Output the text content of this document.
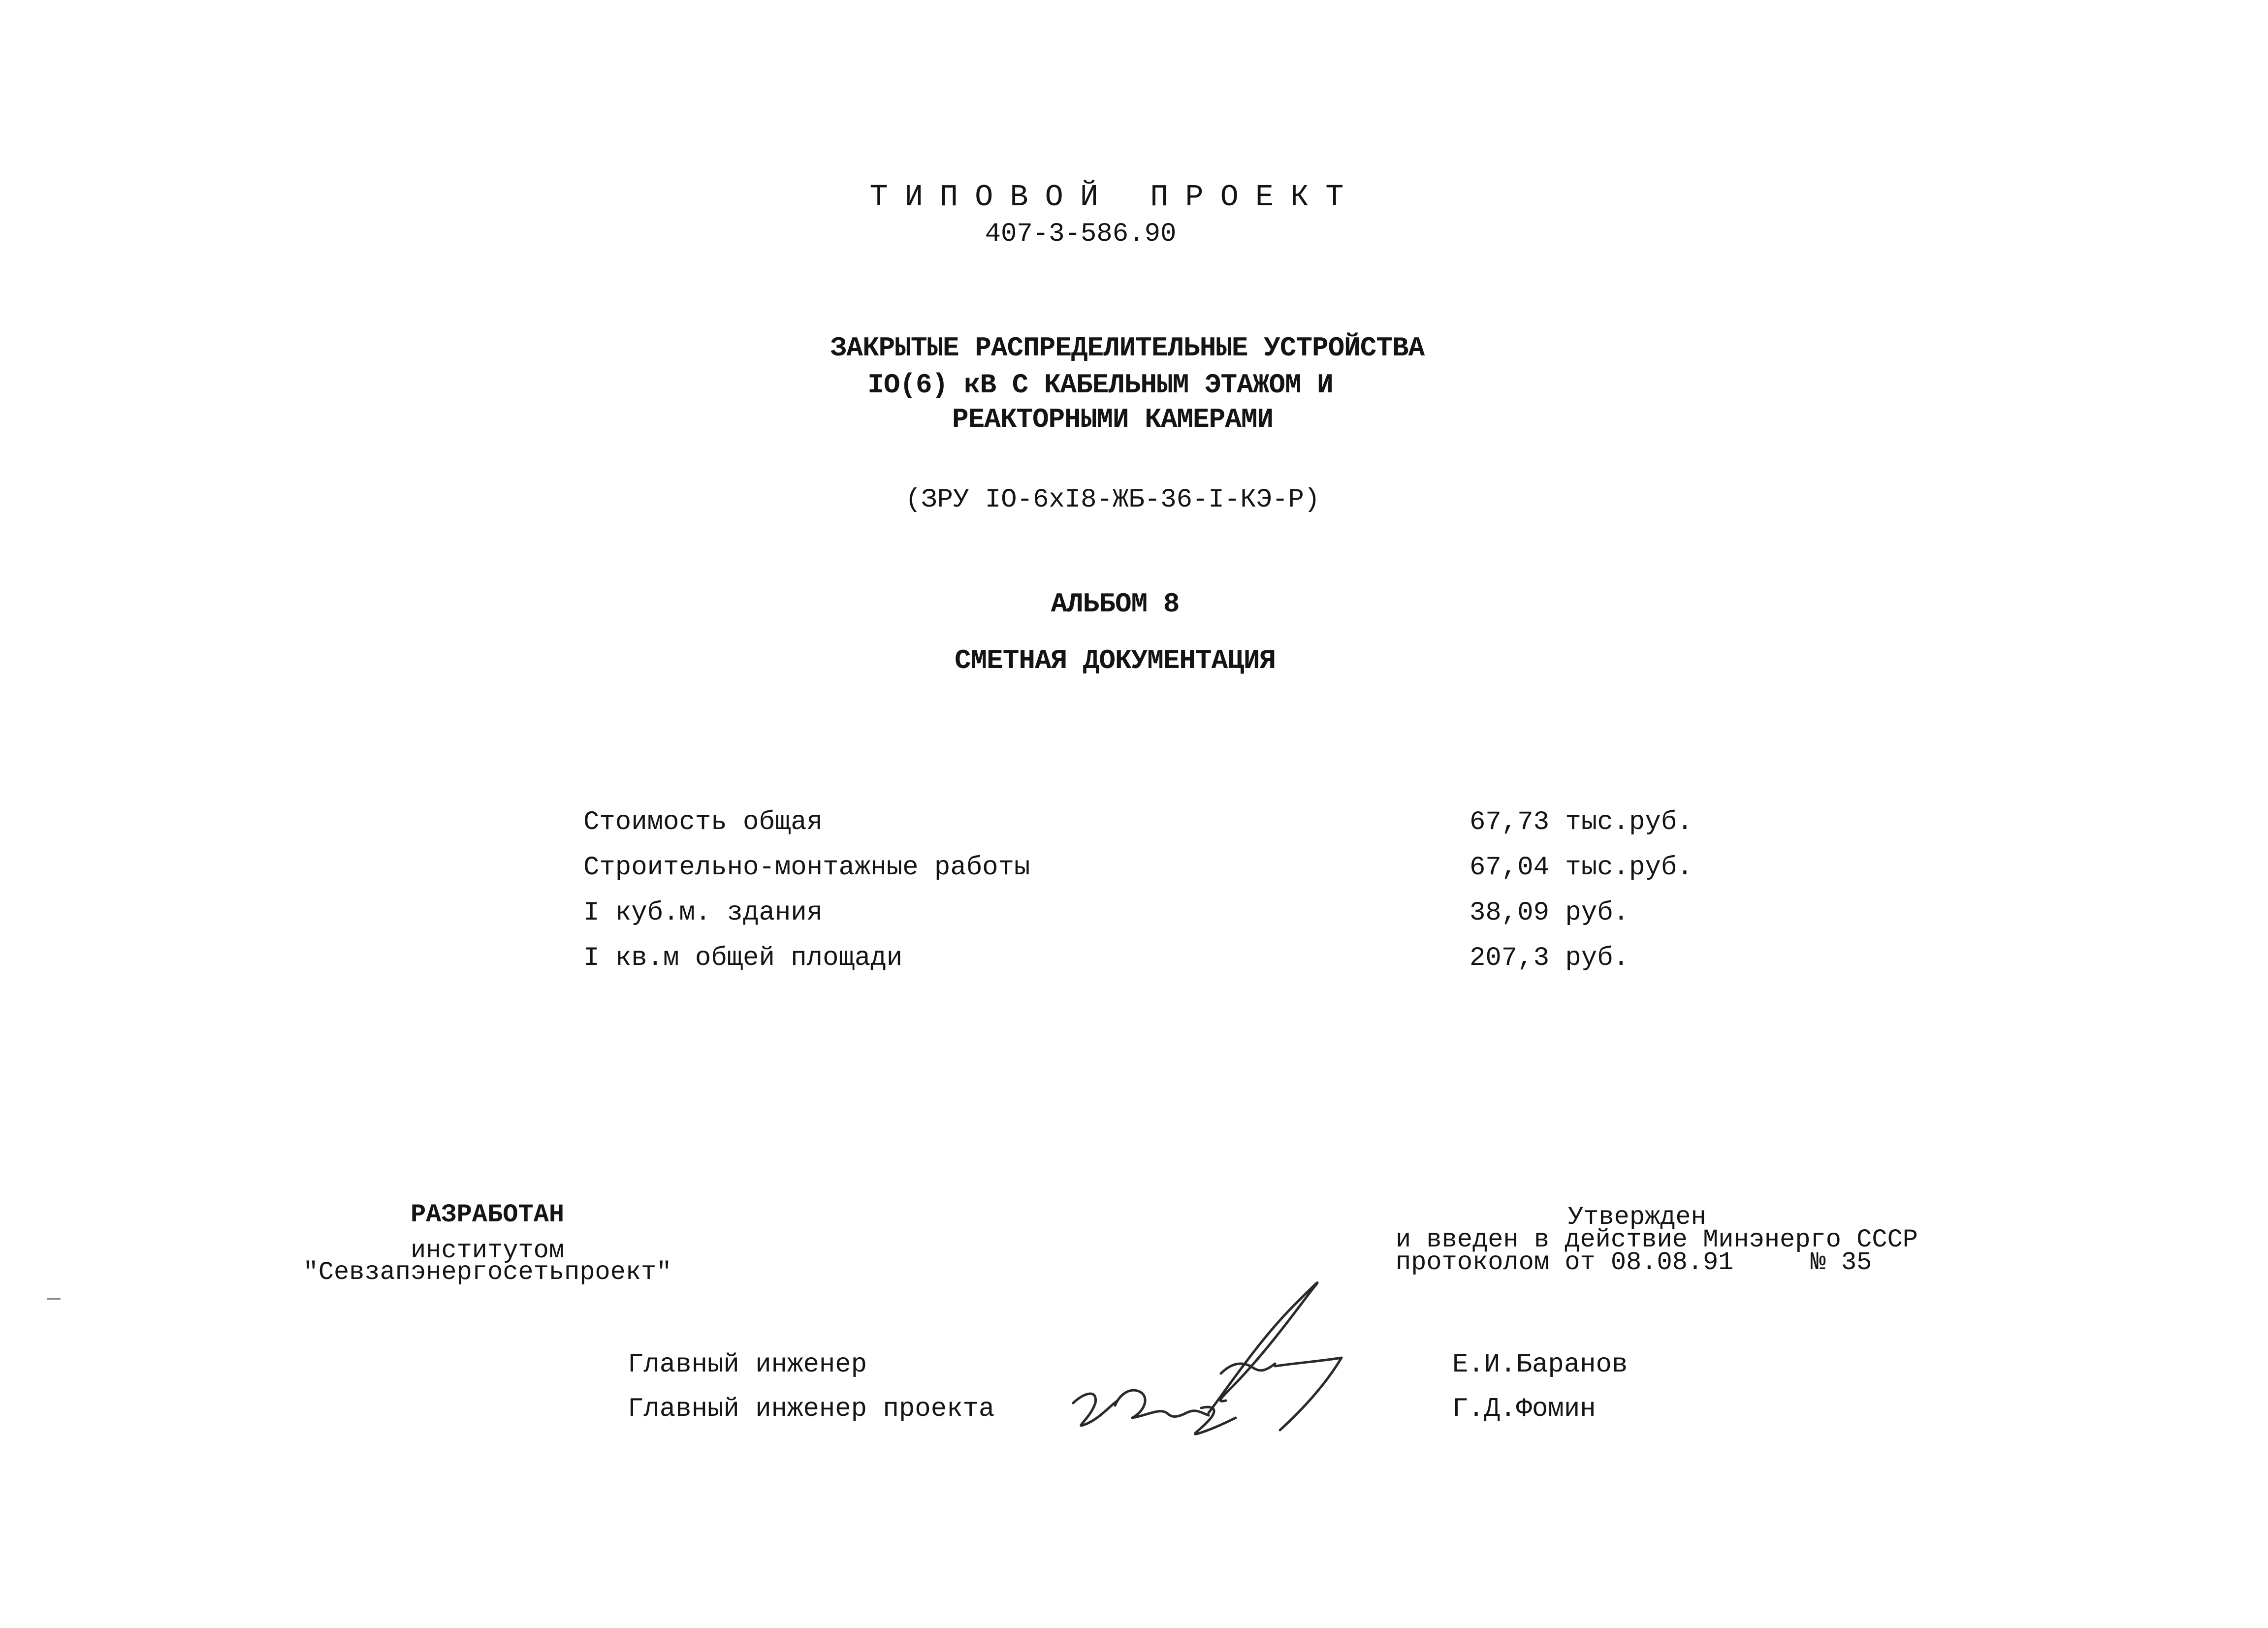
ТИПОВОЙ ПРОЕКТ
407-3-586.90
ЗАКРЫТЫЕ РАСПРЕДЕЛИТЕЛЬНЫЕ УСТРОЙСТВА
IO(6) кВ С КАБЕЛЬНЫМ ЭТАЖОМ И
РЕАКТОРНЫМИ КАМЕРАМИ
(ЗРУ IO-6xI8-ЖБ-36-I-КЭ-Р)
АЛЬБОМ 8
СМЕТНАЯ ДОКУМЕНТАЦИЯ
Стоимость общая	67,73 тыс.руб.
Строительно-монтажные работы	67,04 тыс.руб.
I куб.м. здания	38,09 руб.
I кв.м общей площади	207,3 руб.
РАЗРАБОТАН
институтом
"Севзапэнергосетьпроект"
Утвержден
и введен в действие Минэнерго СССР
протоколом от 08.08.91     № 35
Главный инженер	Е.И.Баранов
Главный инженер проекта	Г.Д.Фомин
